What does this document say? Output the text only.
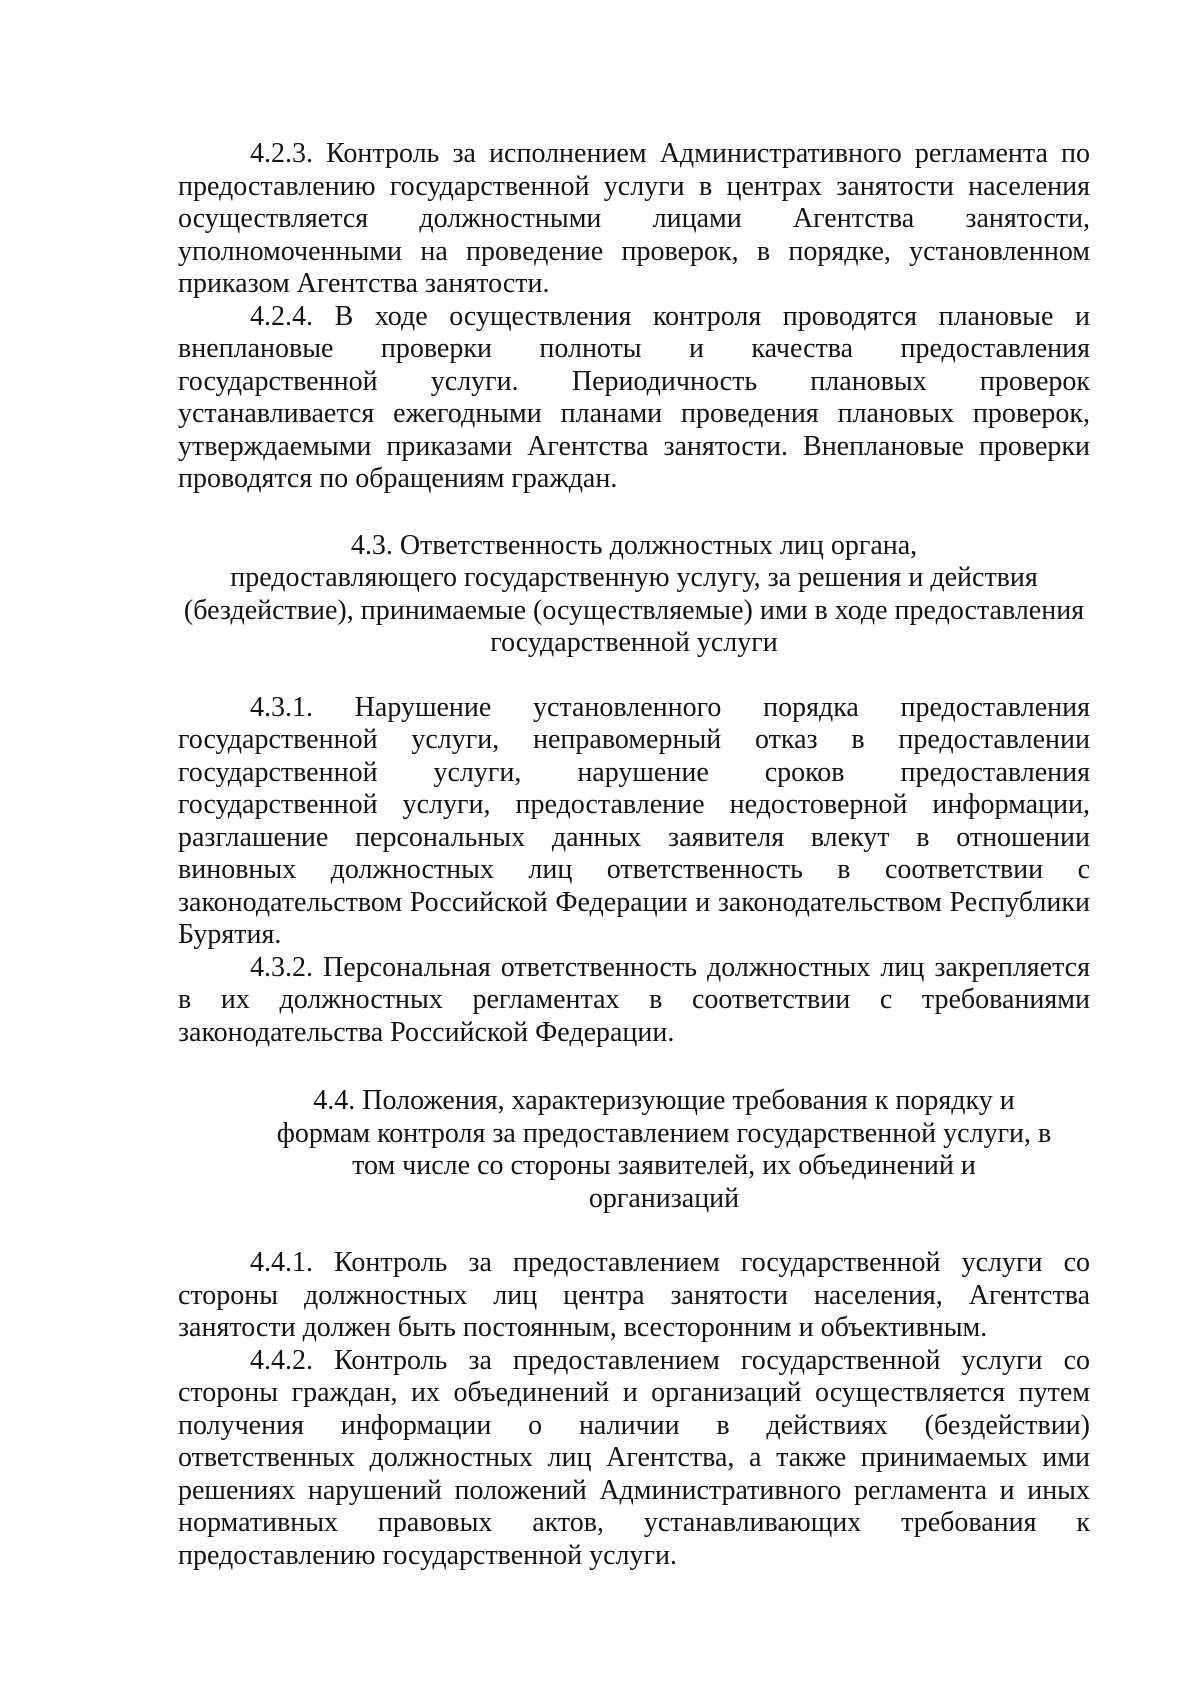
4.2.3. Контроль за исполнением Административного регламента по предоставлению государственной услуги в центрах занятости населения осуществляется должностными лицами Агентства занятости, уполномоченными на проведение проверок, в порядке, установленном приказом Агентства занятости.

4.2.4. В ходе осуществления контроля проводятся плановые и внеплановые проверки полноты и качества предоставления государственной услуги. Периодичность плановых проверок устанавливается ежегодными планами проведения плановых проверок, утверждаемыми приказами Агентства занятости. Внеплановые проверки проводятся по обращениям граждан.

4.3. Ответственность должностных лиц органа,
предоставляющего государственную услугу, за решения и действия
(бездействие), принимаемые (осуществляемые) ими в ходе предоставления
государственной услуги

4.3.1. Нарушение установленного порядка предоставления государственной услуги, неправомерный отказ в предоставлении государственной услуги, нарушение сроков предоставления государственной услуги, предоставление недостоверной информации, разглашение персональных данных заявителя влекут в отношении виновных должностных лиц ответственность в соответствии с законодательством Российской Федерации и законодательством Республики Бурятия.

4.3.2. Персональная ответственность должностных лиц закрепляется в их должностных регламентах в соответствии с требованиями законодательства Российской Федерации.

4.4. Положения, характеризующие требования к порядку и
формам контроля за предоставлением государственной услуги, в
том числе со стороны заявителей, их объединений и
организаций

4.4.1. Контроль за предоставлением государственной услуги со стороны должностных лиц центра занятости населения, Агентства занятости должен быть постоянным, всесторонним и объективным.

4.4.2. Контроль за предоставлением государственной услуги со стороны граждан, их объединений и организаций осуществляется путем получения информации о наличии в действиях (бездействии) ответственных должностных лиц Агентства, а также принимаемых ими решениях нарушений положений Административного регламента и иных нормативных правовых актов, устанавливающих требования к предоставлению государственной услуги.
